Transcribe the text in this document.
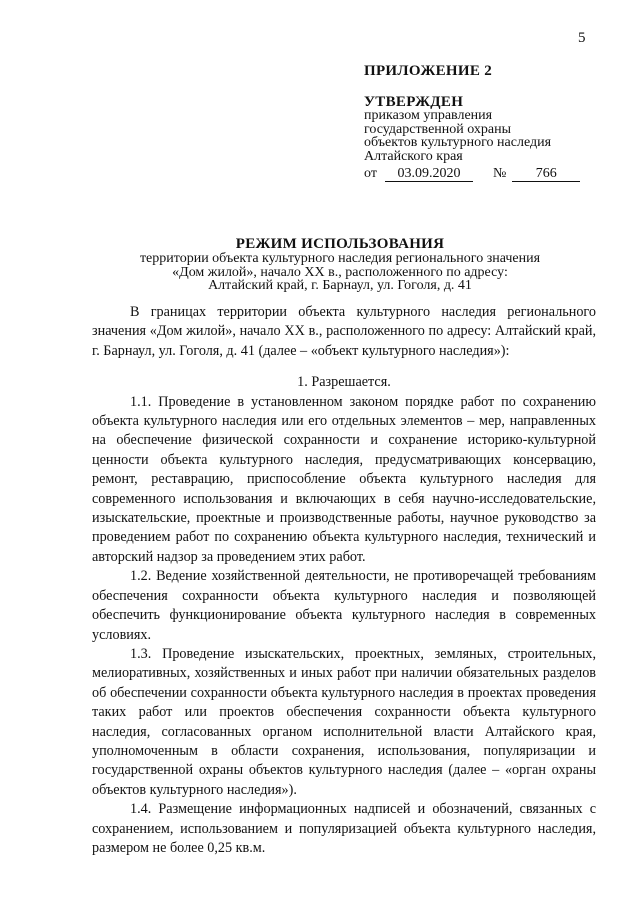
5
ПРИЛОЖЕНИЕ 2
УТВЕРЖДЕН
приказом управления
государственной охраны
объектов культурного наследия
Алтайского края
от 03.09.2020 № 766
РЕЖИМ ИСПОЛЬЗОВАНИЯ
территории объекта культурного наследия регионального значения
«Дом жилой», начало XX в., расположенного по адресу:
Алтайский край, г. Барнаул, ул. Гоголя, д. 41

В границах территории объекта культурного наследия регионального значения «Дом жилой», начало XX в., расположенного по адресу: Алтайский край, г. Барнаул, ул. Гоголя, д. 41 (далее – «объект культурного наследия»):

1. Разрешается.

1.1. Проведение в установленном законом порядке работ по сохранению объекта культурного наследия или его отдельных элементов – мер, направленных на обеспечение физической сохранности и сохранение историко-культурной ценности объекта культурного наследия, предусматривающих консервацию, ремонт, реставрацию, приспособление объекта культурного наследия для современного использования и включающих в себя научно-исследовательские, изыскательские, проектные и производственные работы, научное руководство за проведением работ по сохранению объекта культурного наследия, технический и авторский надзор за проведением этих работ.

1.2. Ведение хозяйственной деятельности, не противоречащей требованиям обеспечения сохранности объекта культурного наследия и позволяющей обеспечить функционирование объекта культурного наследия в современных условиях.

1.3. Проведение изыскательских, проектных, земляных, строительных, мелиоративных, хозяйственных и иных работ при наличии обязательных разделов об обеспечении сохранности объекта культурного наследия в проектах проведения таких работ или проектов обеспечения сохранности объекта культурного наследия, согласованных органом исполнительной власти Алтайского края, уполномоченным в области сохранения, использования, популяризации и государственной охраны объектов культурного наследия (далее – «орган охраны объектов культурного наследия»).

1.4. Размещение информационных надписей и обозначений, связанных с сохранением, использованием и популяризацией объекта культурного наследия, размером не более 0,25 кв.м.
